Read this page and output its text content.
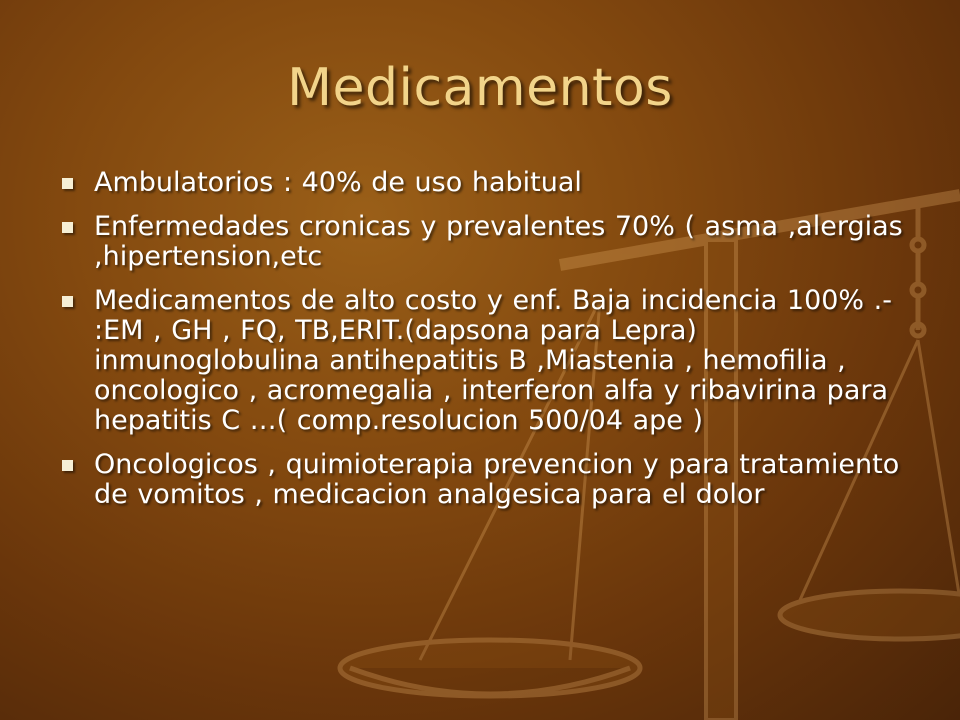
Medicamentos
Ambulatorios : 40% de uso habitual
Enfermedades cronicas y prevalentes 70% ( asma ,alergias ,hipertension,etc
Medicamentos de alto costo y enf. Baja incidencia 100% .- :EM , GH , FQ, TB,ERIT.(dapsona para Lepra) inmunoglobulina antihepatitis B ,Miastenia , hemofilia , oncologico , acromegalia , interferon alfa y ribavirina para hepatitis C …( comp.resolucion 500/04 ape )
Oncologicos , quimioterapia prevencion y para tratamiento de vomitos , medicacion analgesica para el dolor
